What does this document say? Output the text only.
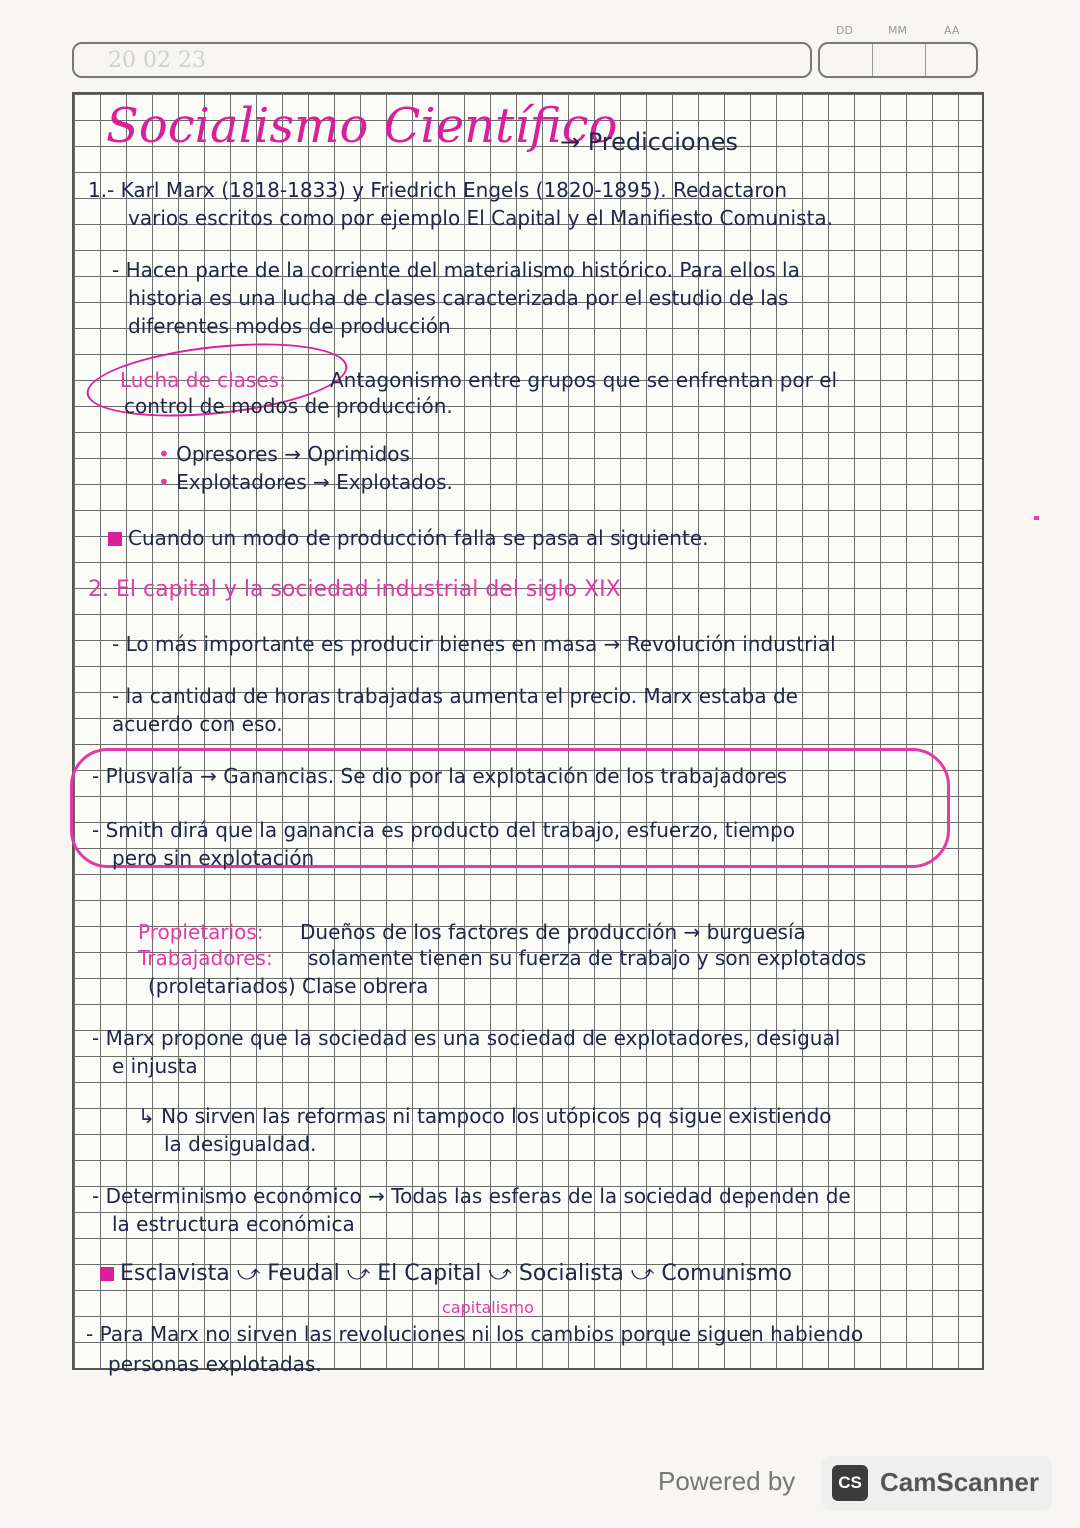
20 02 23
DD	MM	AA
Socialismo Científico
→ Predicciones
1.- Karl Marx (1818-1833) y Friedrich Engels (1820-1895). Redactaron
varios escritos como por ejemplo El Capital y el Manifiesto Comunista.
- Hacen parte de la corriente del materialismo histórico. Para ellos la
historia es una lucha de clases caracterizada por el estudio de las
diferentes modos de producción
Lucha de clases: Antagonismo entre grupos que se enfrentan por el
control de modos de producción.
• Opresores → Oprimidos
• Explotadores → Explotados.
Cuando un modo de producción falla se pasa al siguiente.
2. El capital y la sociedad industrial del siglo XIX
- Lo más importante es producir bienes en masa → Revolución industrial
- la cantidad de horas trabajadas aumenta el precio. Marx estaba de
acuerdo con eso.
- Plusvalía → Ganancias. Se dio por la explotación de los trabajadores
- Smith dirá que la ganancia es producto del trabajo, esfuerzo, tiempo
pero sin explotación
Propietarios: Dueños de los factores de producción → burguesía
Trabajadores: solamente tienen su fuerza de trabajo y son explotados
(proletariados) Clase obrera
- Marx propone que la sociedad es una sociedad de explotadores, desigual
e injusta
↳ No sirven las reformas ni tampoco los utópicos pq sigue existiendo
la desigualdad.
- Determinismo económico → Todas las esferas de la sociedad dependen de
la estructura económica
Esclavista ⤻ Feudal ⤻ El Capital ⤻ Socialista ⤻ Comunismo
capitalismo
- Para Marx no sirven las revoluciones ni los cambios porque siguen habiendo
personas explotadas.
Powered by	CS CamScanner
